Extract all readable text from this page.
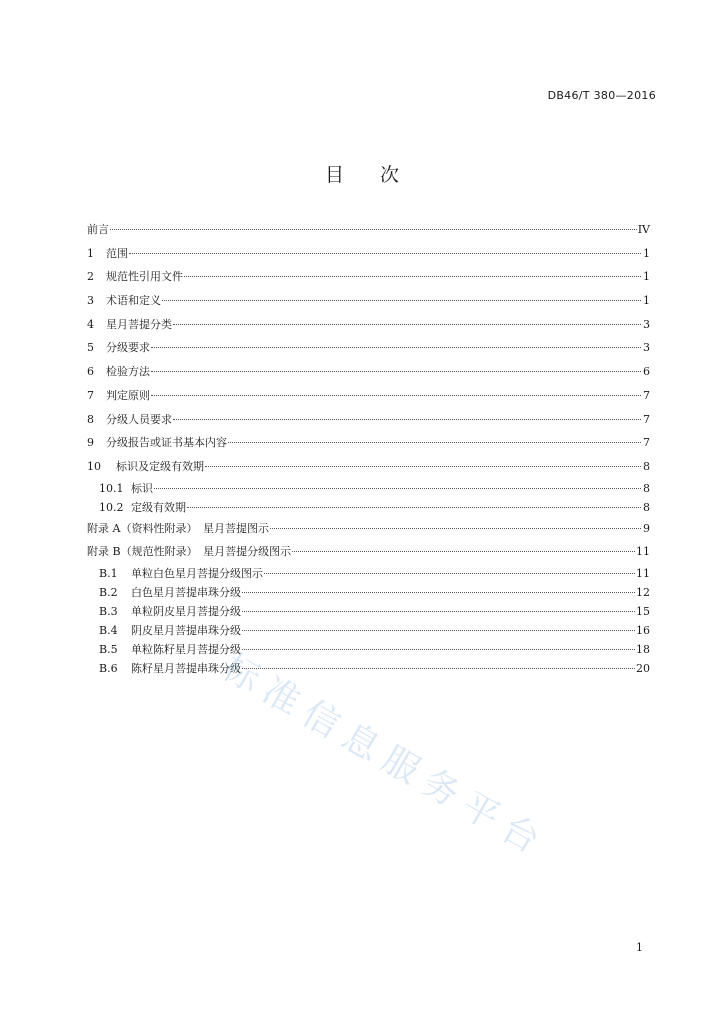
DB46/T 380—2016
目 次
前言	IV
1	范围	1
2	规范性引用文件	1
3	术语和定义	1
4	星月菩提分类	3
5	分级要求	3
6	检验方法	6
7	判定原则	7
8	分级人员要求	7
9	分级报告或证书基本内容	7
10	标识及定级有效期	8
10.1 标识	8
10.2 定级有效期	8
附录 A（资料性附录）　星月菩提图示	9
附录 B（规范性附录）　星月菩提分级图示	11
B.1	单粒白色星月菩提分级图示	11
B.2	白色星月菩提串珠分级	12
B.3	单粒阴皮星月菩提分级	15
B.4	阴皮星月菩提串珠分级	16
B.5	单粒陈籽星月菩提分级	18
B.6	陈籽星月菩提串珠分级	20
标准信息服务平台
1
